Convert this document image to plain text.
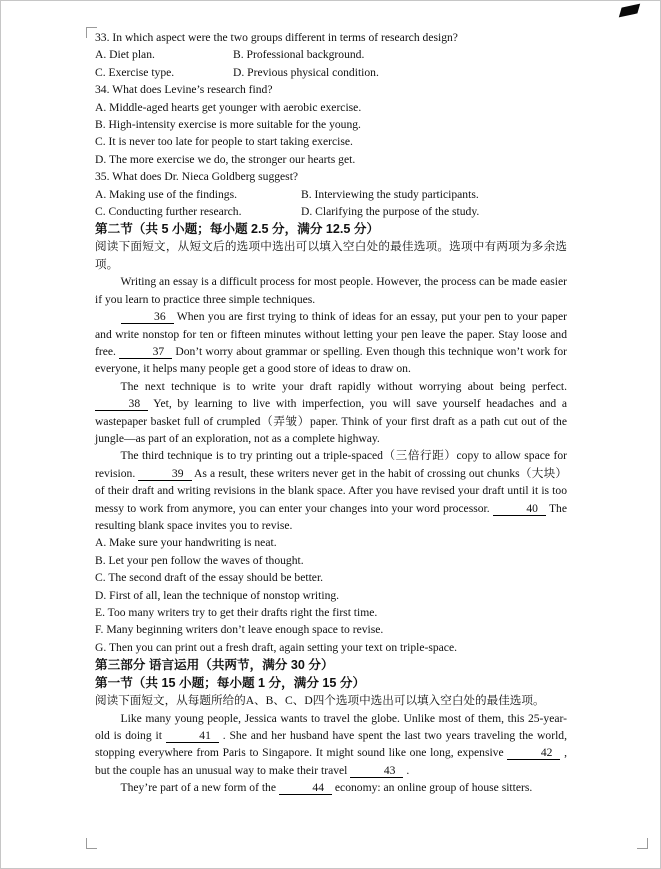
33. In which aspect were the two groups different in terms of research design?
A. Diet plan.	B. Professional background.
C. Exercise type.	D. Previous physical condition.
34. What does Levine’s research find?
A. Middle-aged hearts get younger with aerobic exercise.
B. High-intensity exercise is more suitable for the young.
C. It is never too late for people to start taking exercise.
D. The more exercise we do, the stronger our hearts get.
35. What does Dr. Nieca Goldberg suggest?
A. Making use of the findings.	B. Interviewing the study participants.
C. Conducting further research.	D. Clarifying the purpose of the study.
第二节（共 5 小题；每小题 2.5 分，满分 12.5 分）
阅读下面短文，从短文后的选项中选出可以填入空白处的最佳选项。选项中有两项为多余选项。

Writing an essay is a difficult process for most people. However, the process can be made easier if you learn to practice three simple techniques.

36 When you are first trying to think of ideas for an essay, put your pen to your paper and write nonstop for ten or fifteen minutes without letting your pen leave the paper. Stay loose and free.	37 Don’t worry about grammar or spelling. Even though this technique won’t work for everyone, it helps many people get a good store of ideas to draw on.

The next technique is to write your draft rapidly without worrying about being perfect. 38 Yet, by learning to live with imperfection, you will save yourself headaches and a wastepaper basket full of crumpled（弄皱）paper. Think of your first draft as a path cut out of the jungle—as part of an exploration, not as a complete highway.

The third technique is to try printing out a triple-spaced（三倍行距）copy to allow space for revision.	39 As a result, these writers never get in the habit of crossing out chunks（大块）of their draft and writing revisions in the blank space. After you have revised your draft until it is too messy to work from anymore, you can enter your changes into your word processor.	40 The resulting blank space invites you to revise.

A. Make sure your handwriting is neat.
B. Let your pen follow the waves of thought.
C. The second draft of the essay should be better.
D. First of all, lean the technique of nonstop writing.
E. Too many writers try to get their drafts right the first time.
F. Many beginning writers don’t leave enough space to revise.
G. Then you can print out a fresh draft, again setting your text on triple-space.
第三部分 语言运用（共两节，满分 30 分）
第一节（共 15 小题；每小题 1 分，满分 15 分）
阅读下面短文，从每题所给的A、B、C、D四个选项中选出可以填入空白处的最佳选项。

Like many young people, Jessica wants to travel the globe. Unlike most of them, this 25-year-old is doing it	41 . She and her husband have spent the last two years traveling the world, stopping everywhere from Paris to Singapore. It might sound like one long, expensive	42 , but the couple has an unusual way to make their travel	43 .

They’re part of a new form of the	44 economy: an online group of house sitters.
